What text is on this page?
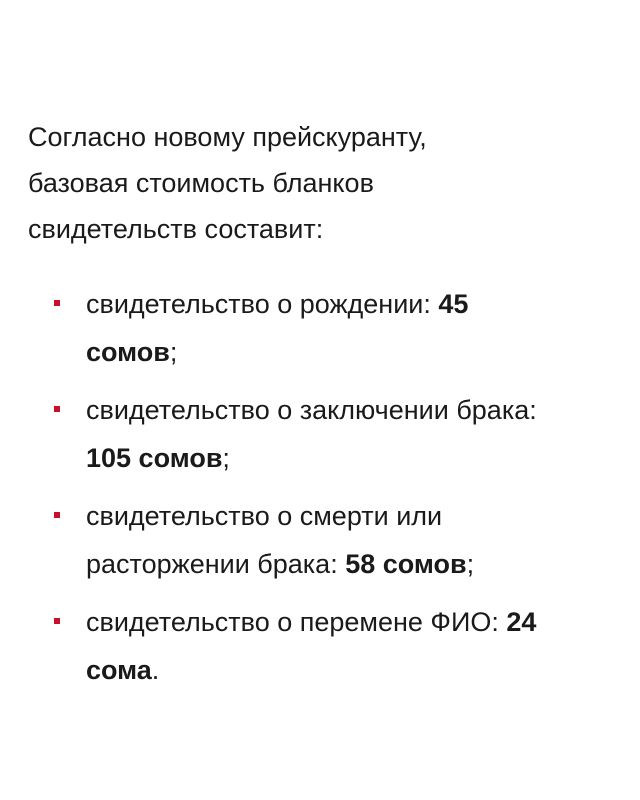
Согласно новому прейскуранту,
базовая стоимость бланков
свидетельств составит:

свидетельство о рождении: 45
сомов;
свидетельство о заключении брака:
105 сомов;
свидетельство о смерти или
расторжении брака: 58 сомов;
свидетельство о перемене ФИО: 24
сома.
